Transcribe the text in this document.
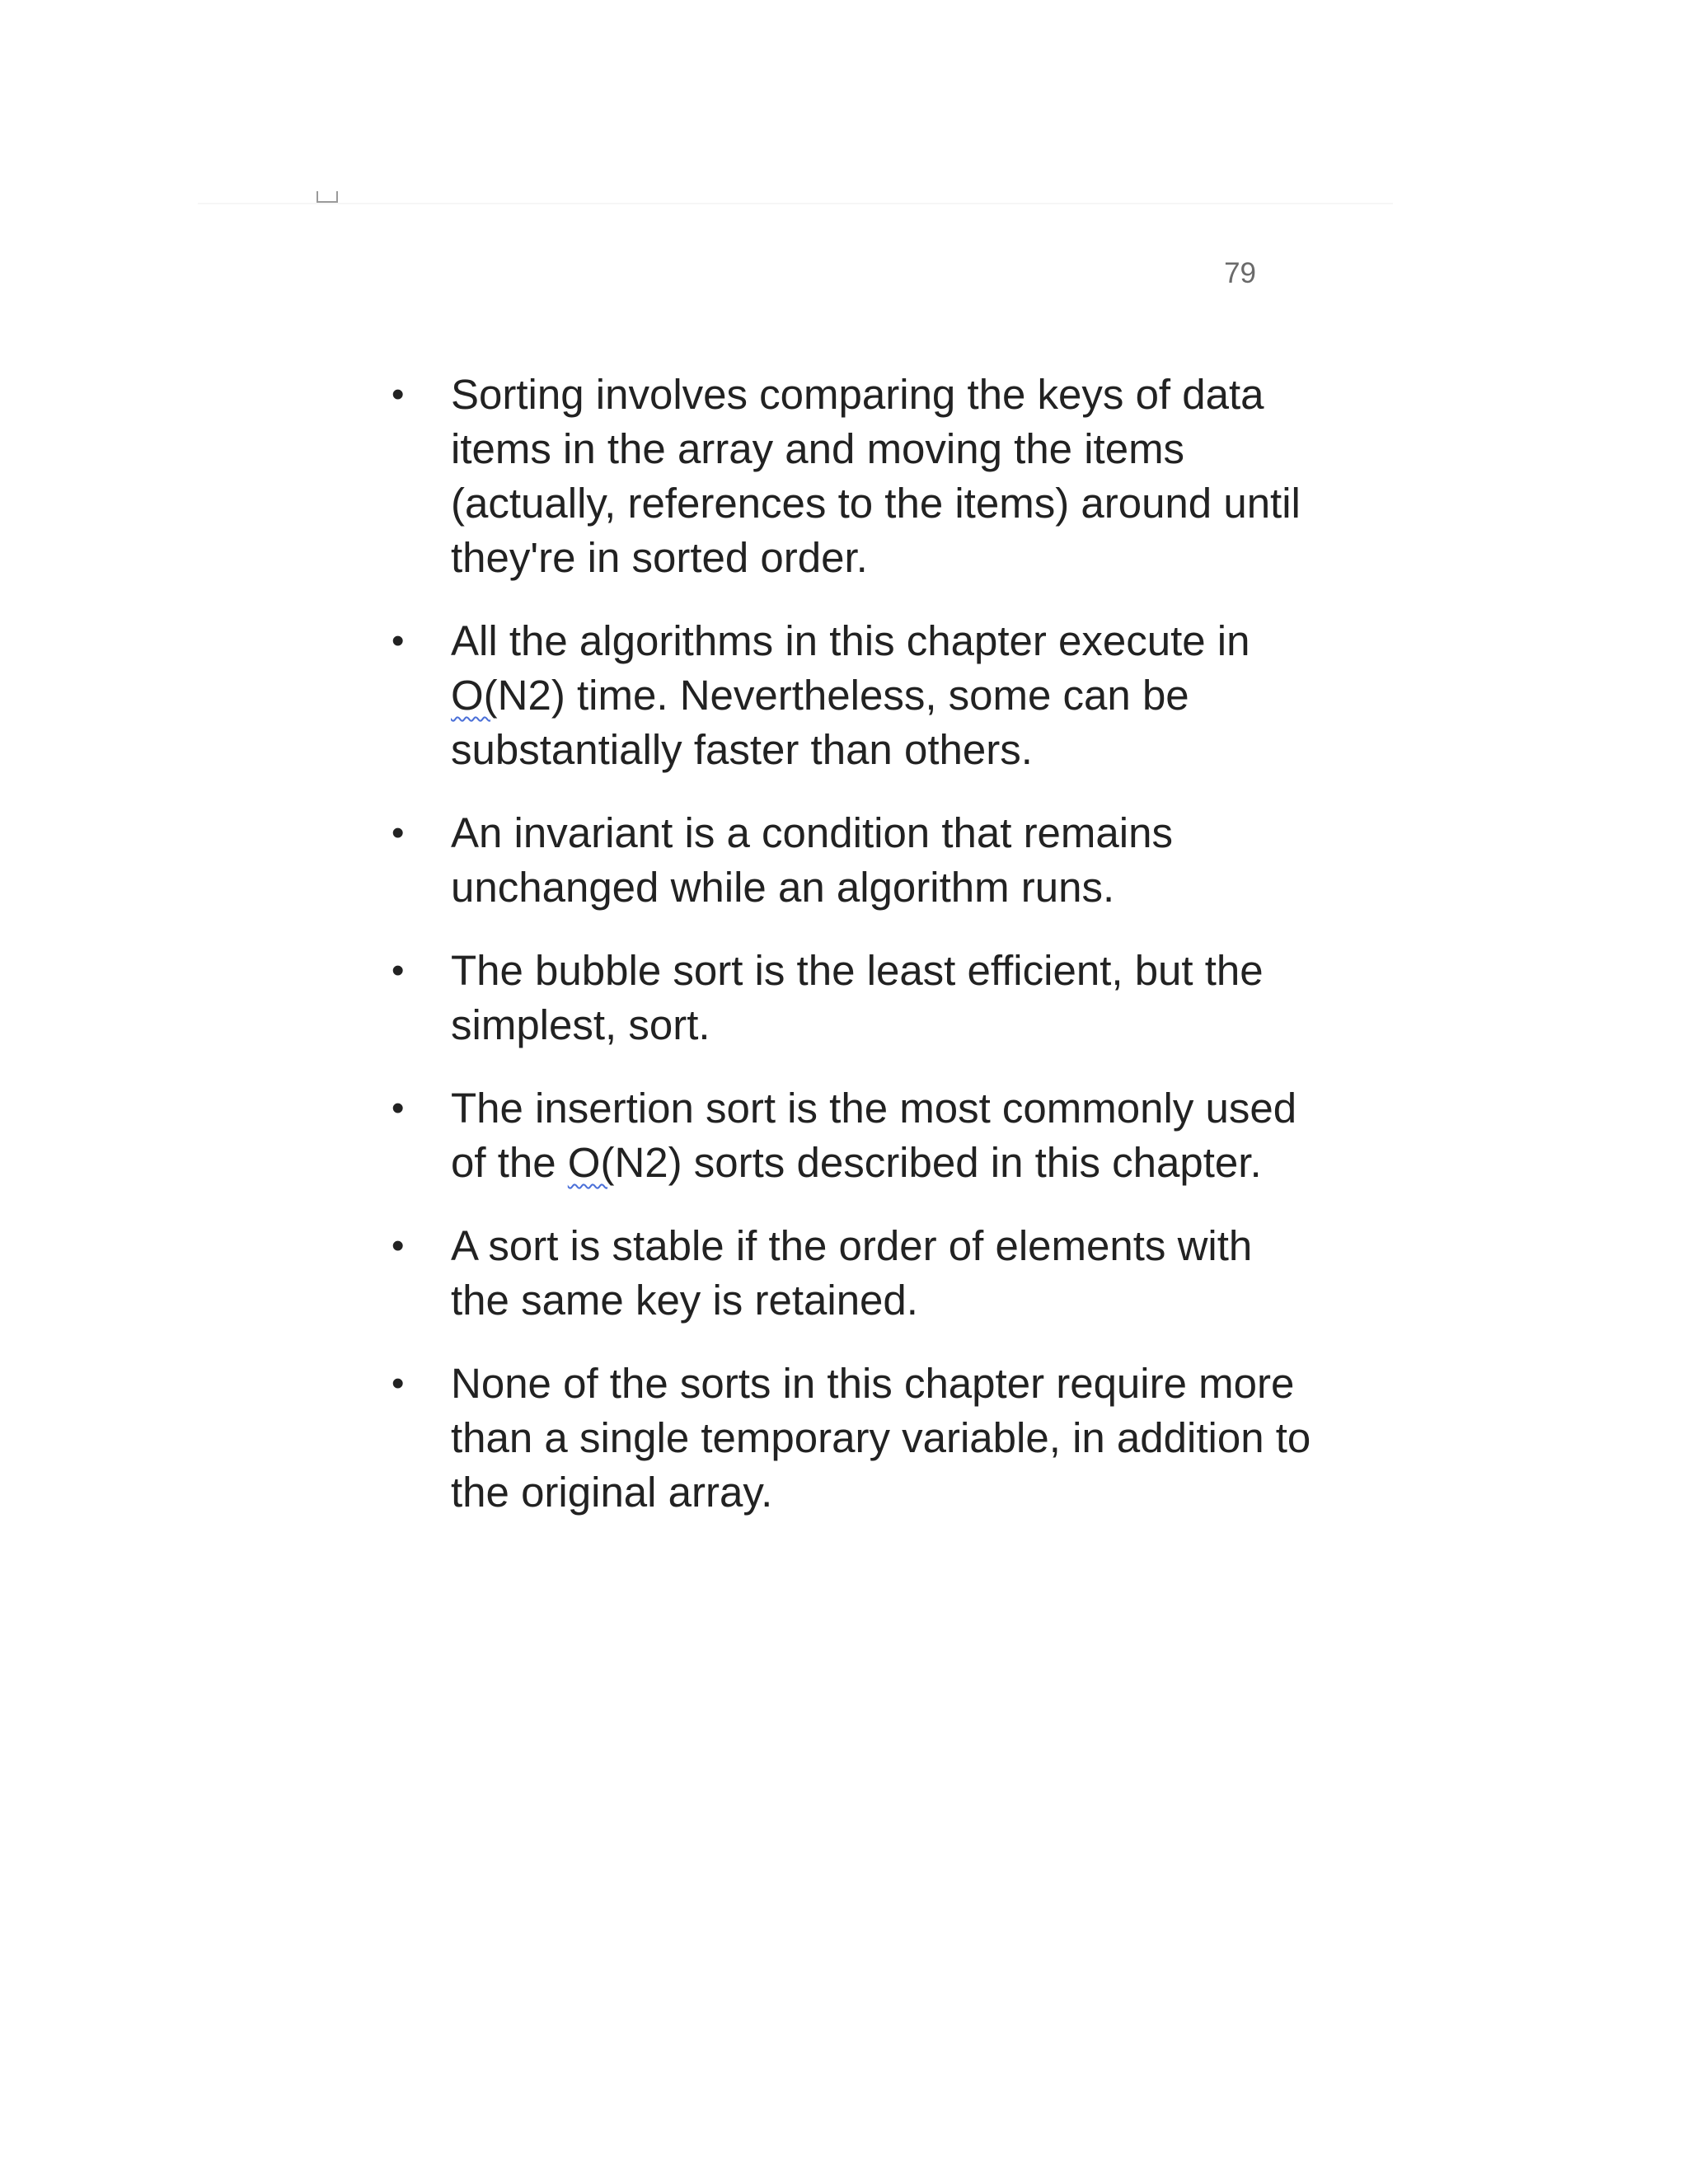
79
• Sorting involves comparing the keys of data items in the array and moving the items (actually, references to the items) around until they're in sorted order.
• All the algorithms in this chapter execute in O(N2) time. Nevertheless, some can be substantially faster than others.
• An invariant is a condition that remains unchanged while an algorithm runs.
• The bubble sort is the least efficient, but the simplest, sort.
• The insertion sort is the most commonly used of the O(N2) sorts described in this chapter.
• A sort is stable if the order of elements with the same key is retained.
• None of the sorts in this chapter require more than a single temporary variable, in addition to the original array.
